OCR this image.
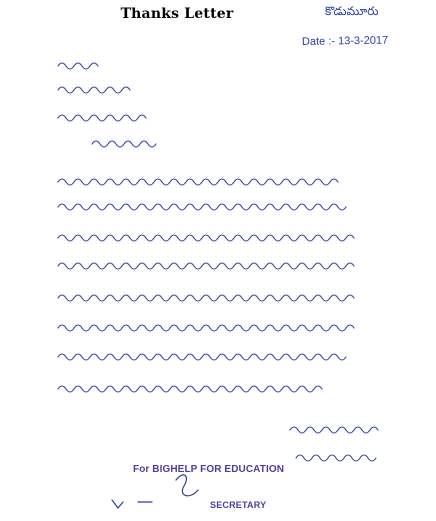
Thanks Letter	కొడుమూరు
Date :- 13-3-2017
For BIGHELP FOR EDUCATION
SECRETARY
